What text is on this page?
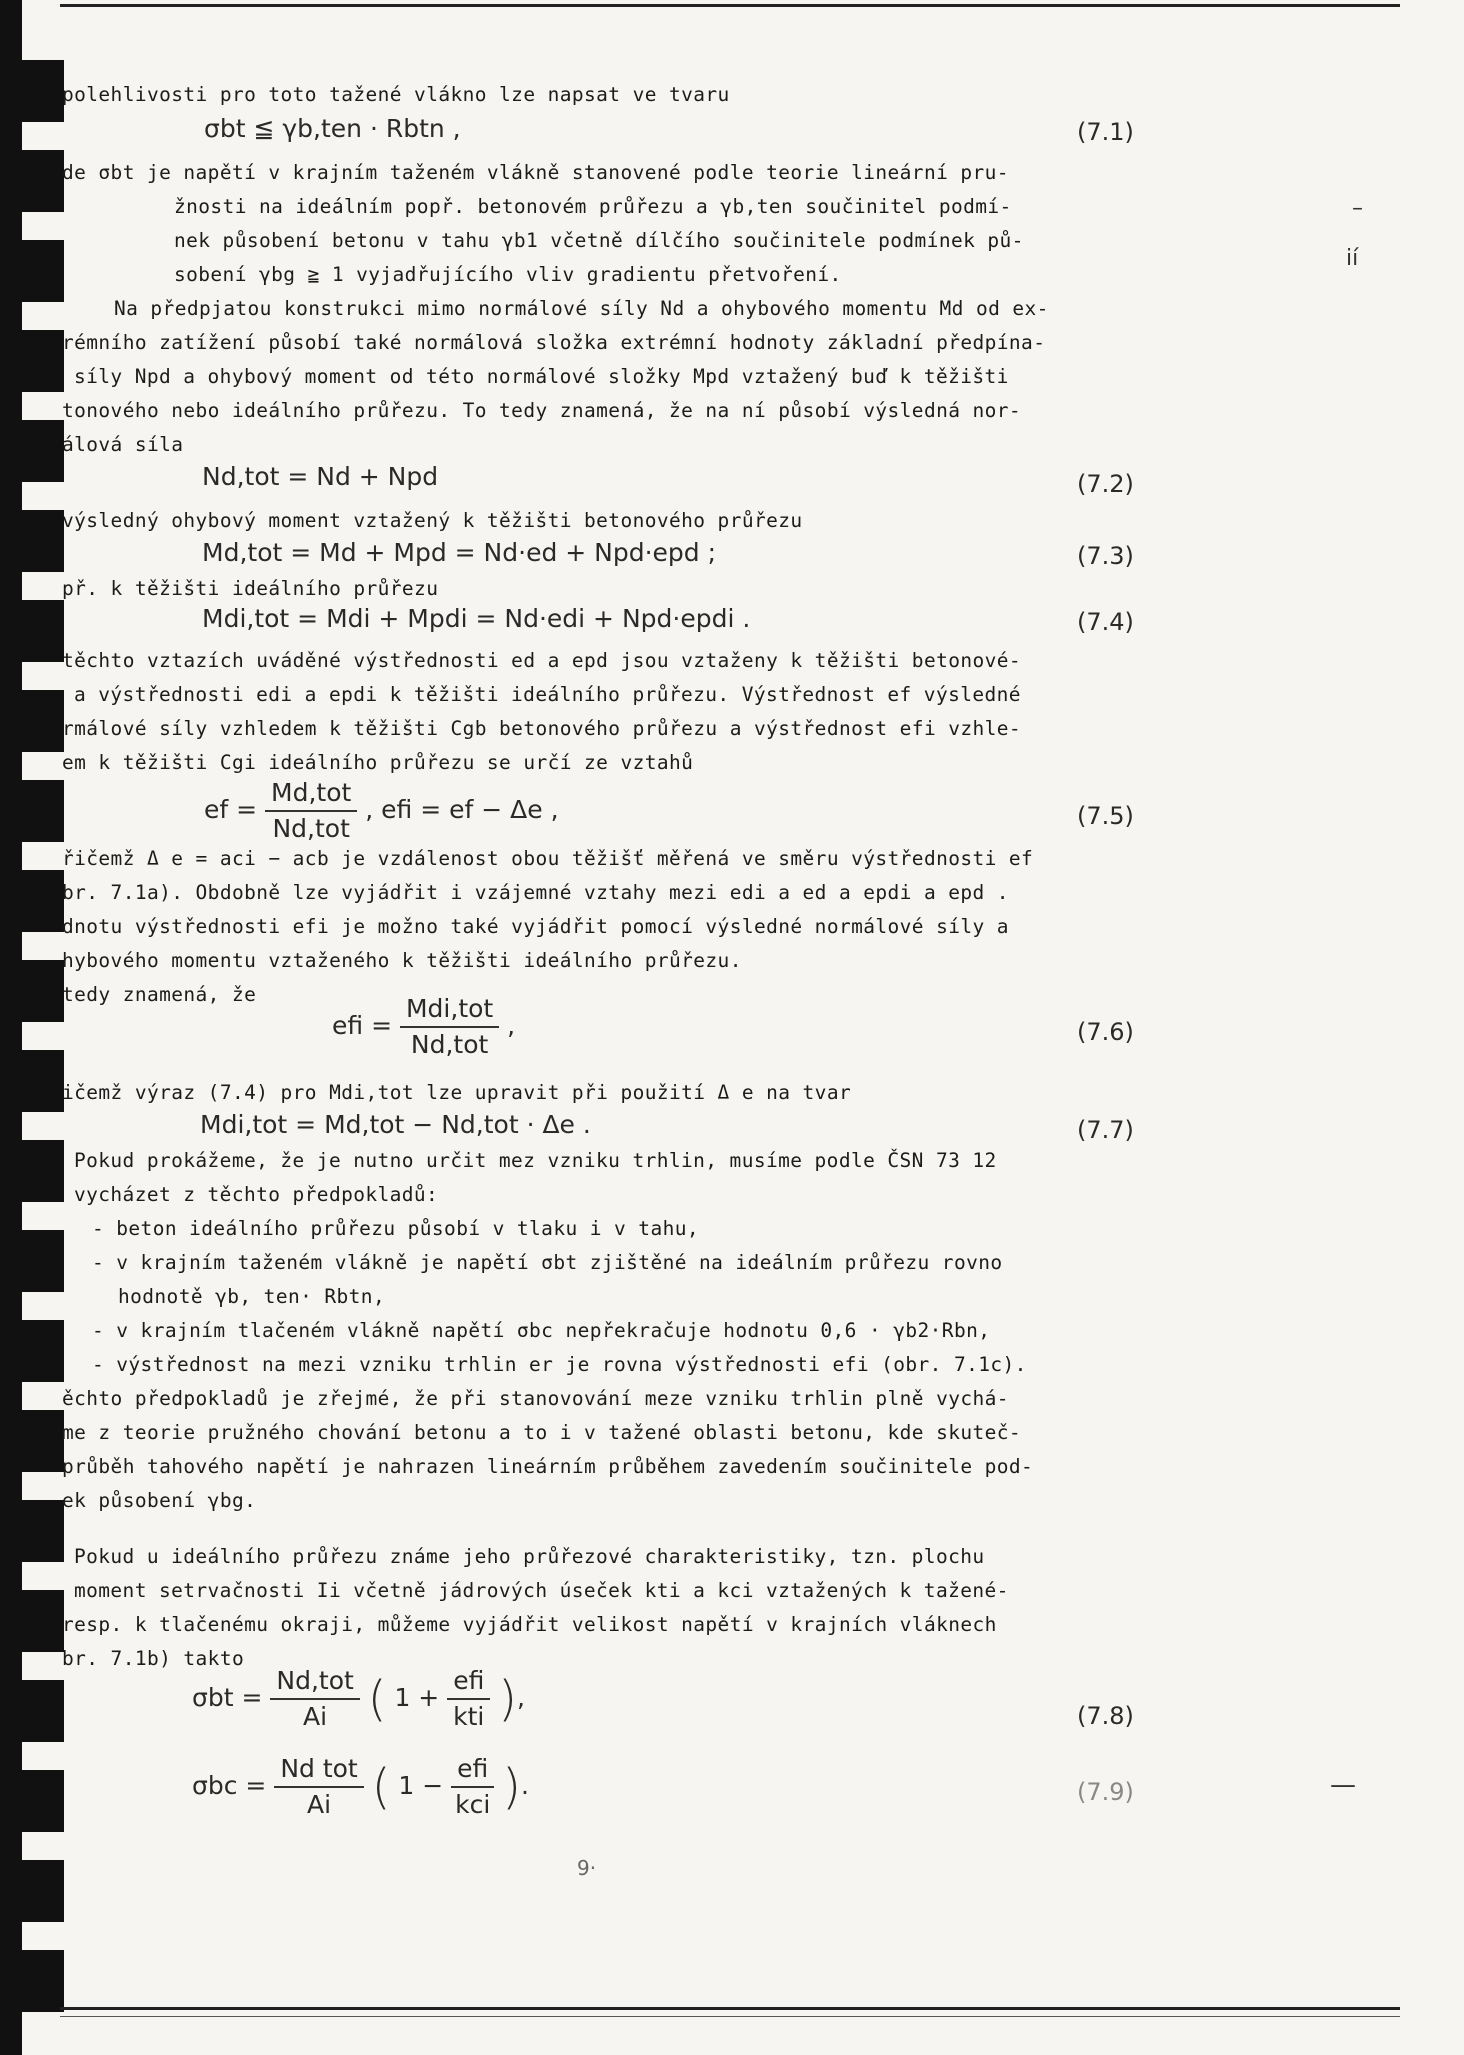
polehlivosti pro toto tažené vlákno lze napsat ve tvaru
σbt ≦ γb,ten · Rbtn ,	(7.1)
de σbt je napětí v krajním taženém vlákně stanovené podle teorie lineární pru-
žnosti na ideálním popř. betonovém průřezu a γb,ten součinitel podmí-
nek působení betonu v tahu γb1 včetně dílčího součinitele podmínek pů-
sobení γbg ≧ 1 vyjadřujícího vliv gradientu přetvoření.
Na předpjatou konstrukci mimo normálové síly Nd a ohybového momentu Md od ex-
rémního zatížení působí také normálová složka extrémní hodnoty základní předpína-
síly Npd a ohybový moment od této normálové složky Mpd vztažený buď k těžišti
tonového nebo ideálního průřezu. To tedy znamená, že na ní působí výsledná nor-
álová síla
Nd,tot = Nd + Npd	(7.2)
výsledný ohybový moment vztažený k těžišti betonového průřezu
Md,tot = Md + Mpd = Nd·ed + Npd·epd ;	(7.3)
př. k těžišti ideálního průřezu
Mdi,tot = Mdi + Mpdi = Nd·edi + Npd·epdi .	(7.4)
těchto vztazích uváděné výstřednosti ed a epd jsou vztaženy k těžišti betonové-
a výstřednosti edi a epdi k těžišti ideálního průřezu. Výstřednost ef výsledné
rmálové síly vzhledem k těžišti Cgb betonového průřezu a výstřednost efi vzhle-
em k těžišti Cgi ideálního průřezu se určí ze vztahů
ef = $\frac{\text{Md,tot}}{\text{Nd,tot}}$ , efi = ef − Δe ,	(7.5)
řičemž Δ e = aci − acb je vzdálenost obou těžišť měřená ve směru výstřednosti ef
br. 7.1a). Obdobně lze vyjádřit i vzájemné vztahy mezi edi a ed a epdi a epd .
dnotu výstřednosti efi je možno také vyjádřit pomocí výsledné normálové síly a
hybového momentu vztaženého k těžišti ideálního průřezu.
tedy znamená, že
efi = $\frac{\text{Mdi,tot}}{\text{Nd,tot}}$ ,	(7.6)
ičemž výraz (7.4) pro Mdi,tot lze upravit při použití Δ e na tvar
Mdi,tot = Md,tot − Nd,tot · Δe .	(7.7)
Pokud prokážeme, že je nutno určit mez vzniku trhlin, musíme podle ČSN 73 12
vycházet z těchto předpokladů:
- beton ideálního průřezu působí v tlaku i v tahu,
- v krajním taženém vlákně je napětí σbt zjištěné na ideálním průřezu rovno
hodnotě γb, ten· Rbtn,
- v krajním tlačeném vlákně napětí σbc nepřekračuje hodnotu 0,6 · γb2·Rbn,
- výstřednost na mezi vzniku trhlin er je rovna výstřednosti efi (obr. 7.1c).
ěchto předpokladů je zřejmé, že při stanovování meze vzniku trhlin plně vychá-
me z teorie pružného chování betonu a to i v tažené oblasti betonu, kde skuteč-
průběh tahového napětí je nahrazen lineárním průběhem zavedením součinitele pod-
ek působení γbg.
Pokud u ideálního průřezu známe jeho průřezové charakteristiky, tzn. plochu
moment setrvačnosti Ii včetně jádrových úseček kti a kci vztažených k tažené-
resp. k tlačenému okraji, můžeme vyjádřit velikost napětí v krajních vláknech
br. 7.1b) takto
$\sigma bt = \frac{\text{Nd,tot}}{Ai}$ ( $1 + \frac{\text{efi}}{\text{kti}}$ ),
(7.8)
$\sigma bc = \frac{\text{Nd tot}}{Ai}$ ( $1 - \frac{\text{efi}}{\text{kci}}$ ).	(7.9)
–
ií
—
9·
